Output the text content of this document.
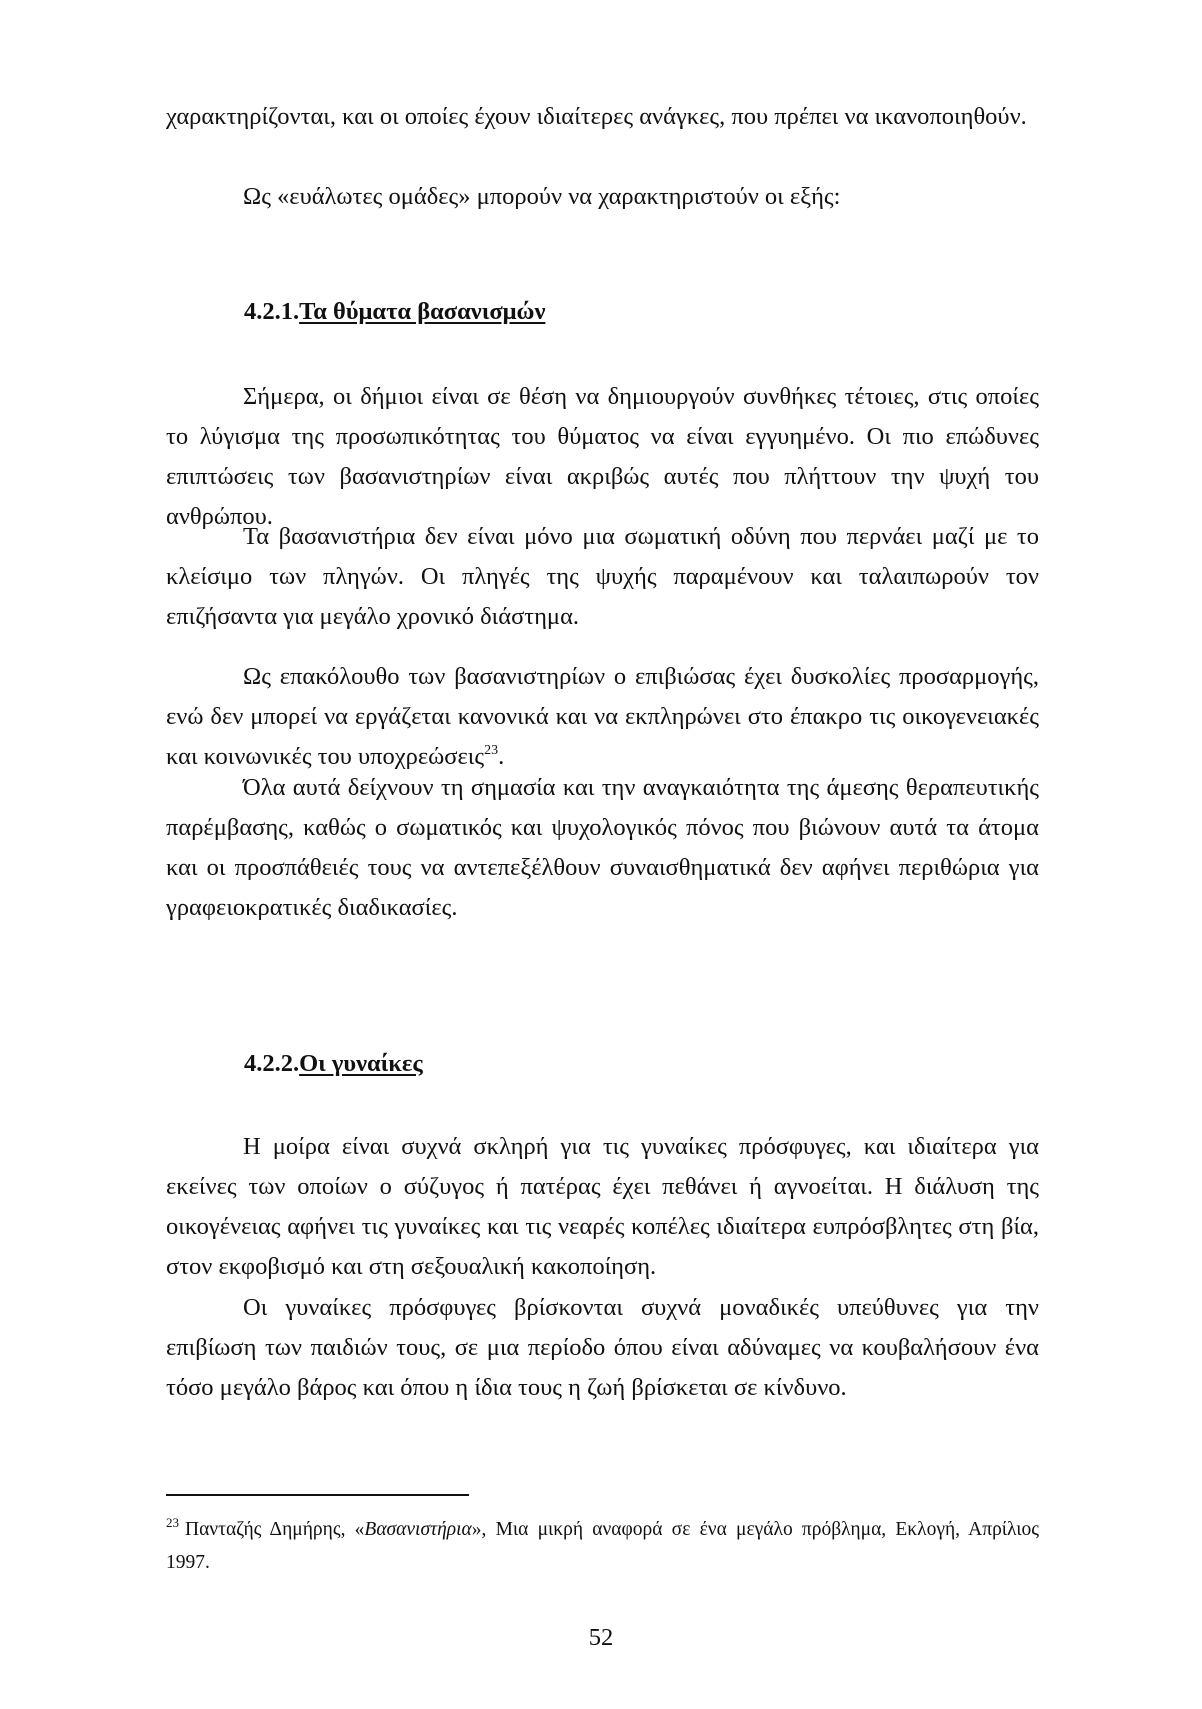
χαρακτηρίζονται, και οι οποίες έχουν ιδιαίτερες ανάγκες, που πρέπει να ικανοποιηθούν.

Ως «ευάλωτες ομάδες» μπορούν να χαρακτηριστούν οι εξής:

4.2.1.Τα θύματα βασανισμών

Σήμερα, οι δήμιοι είναι σε θέση να δημιουργούν συνθήκες τέτοιες, στις οποίες το λύγισμα της προσωπικότητας του θύματος να είναι εγγυημένο. Οι πιο επώδυνες επιπτώσεις των βασανιστηρίων είναι ακριβώς αυτές που πλήττουν την ψυχή του ανθρώπου.

Τα βασανιστήρια δεν είναι μόνο μια σωματική οδύνη που περνάει μαζί με το κλείσιμο των πληγών. Οι πληγές της ψυχής παραμένουν και ταλαιπωρούν τον επιζήσαντα για μεγάλο χρονικό διάστημα.

Ως επακόλουθο των βασανιστηρίων ο επιβιώσας έχει δυσκολίες προσαρμογής, ενώ δεν μπορεί να εργάζεται κανονικά και να εκπληρώνει στο έπακρο τις οικογενειακές και κοινωνικές του υποχρεώσεις$^{23}$.

Όλα αυτά δείχνουν τη σημασία και την αναγκαιότητα της άμεσης θεραπευτικής παρέμβασης, καθώς ο σωματικός και ψυχολογικός πόνος που βιώνουν αυτά τα άτομα και οι προσπάθειές τους να αντεπεξέλθουν συναισθηματικά δεν αφήνει περιθώρια για γραφειοκρατικές διαδικασίες.

4.2.2.Οι γυναίκες

Η μοίρα είναι συχνά σκληρή για τις γυναίκες πρόσφυγες, και ιδιαίτερα για εκείνες των οποίων ο σύζυγος ή πατέρας έχει πεθάνει ή αγνοείται. Η διάλυση της οικογένειας αφήνει τις γυναίκες και τις νεαρές κοπέλες ιδιαίτερα ευπρόσβλητες στη βία, στον εκφοβισμό και στη σεξουαλική κακοποίηση.

Οι γυναίκες πρόσφυγες βρίσκονται συχνά μοναδικές υπεύθυνες για την επιβίωση των παιδιών τους, σε μια περίοδο όπου είναι αδύναμες να κουβαλήσουν ένα τόσο μεγάλο βάρος και όπου η ίδια τους η ζωή βρίσκεται σε κίνδυνο.

$^{23}$ Πανταζής Δημήρης, «Βασανιστήρια», Μια μικρή αναφορά σε ένα μεγάλο πρόβλημα, Εκλογή, Απρίλιος 1997.

52
